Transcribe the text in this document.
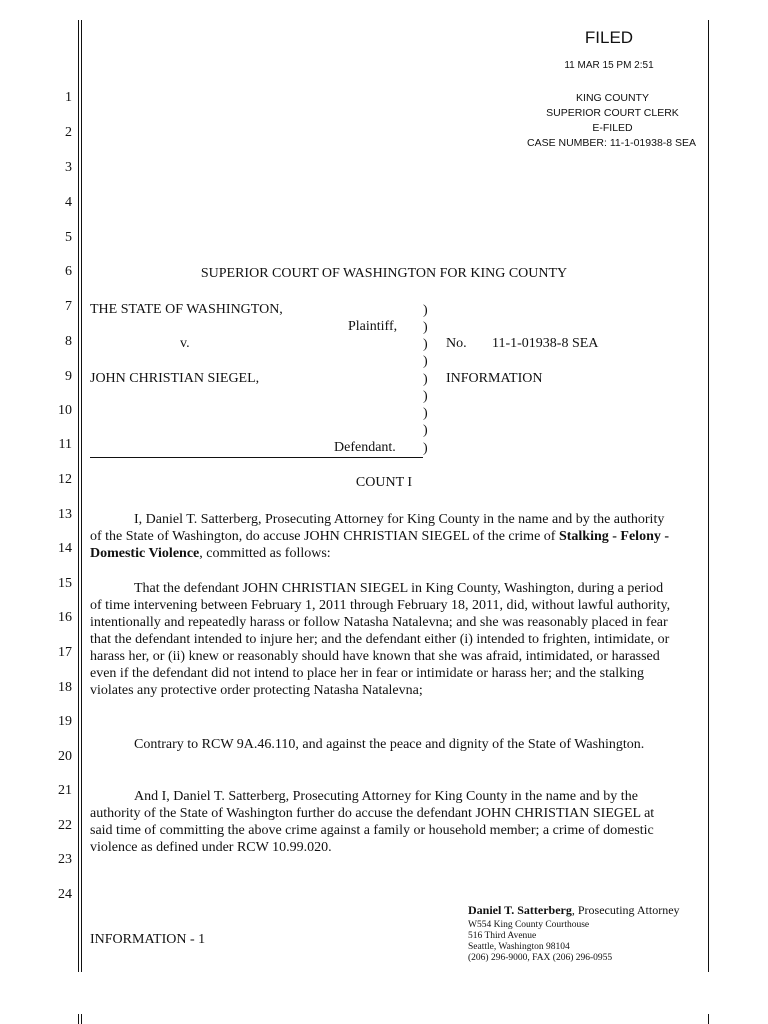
FILED
11 MAR 15 PM 2:51
KING COUNTY
SUPERIOR COURT CLERK
E-FILED
CASE NUMBER: 11-1-01938-8 SEA
1
2
3
4
5
6
7
8
9
10
11
12
13
14
15
16
17
18
19
20
21
22
23
24
SUPERIOR COURT OF WASHINGTON FOR KING COUNTY
THE STATE OF WASHINGTON,
Plaintiff,
v.
JOHN CHRISTIAN SIEGEL,
Defendant.
)
)
)
)
)
)
)
)
)
No. 11-1-01938-8 SEA
INFORMATION
COUNT I

I, Daniel T. Satterberg, Prosecuting Attorney for King County in the name and by the authority of the State of Washington, do accuse JOHN CHRISTIAN SIEGEL of the crime of Stalking - Felony - Domestic Violence, committed as follows:

That the defendant JOHN CHRISTIAN SIEGEL in King County, Washington, during a period of time intervening between February 1, 2011 through February 18, 2011, did, without lawful authority, intentionally and repeatedly harass or follow Natasha Natalevna; and she was reasonably placed in fear that the defendant intended to injure her; and the defendant either (i) intended to frighten, intimidate, or harass her, or (ii) knew or reasonably should have known that she was afraid, intimidated, or harassed even if the defendant did not intend to place her in fear or intimidate or harass her; and the stalking violates any protective order protecting Natasha Natalevna;

Contrary to RCW 9A.46.110, and against the peace and dignity of the State of Washington.

And I, Daniel T. Satterberg, Prosecuting Attorney for King County in the name and by the authority of the State of Washington further do accuse the defendant JOHN CHRISTIAN SIEGEL at said time of committing the above crime against a family or household member; a crime of domestic violence as defined under RCW 10.99.020.

INFORMATION - 1
Daniel T. Satterberg, Prosecuting Attorney
W554 King County Courthouse
516 Third Avenue
Seattle, Washington 98104
(206) 296-9000, FAX (206) 296-0955
